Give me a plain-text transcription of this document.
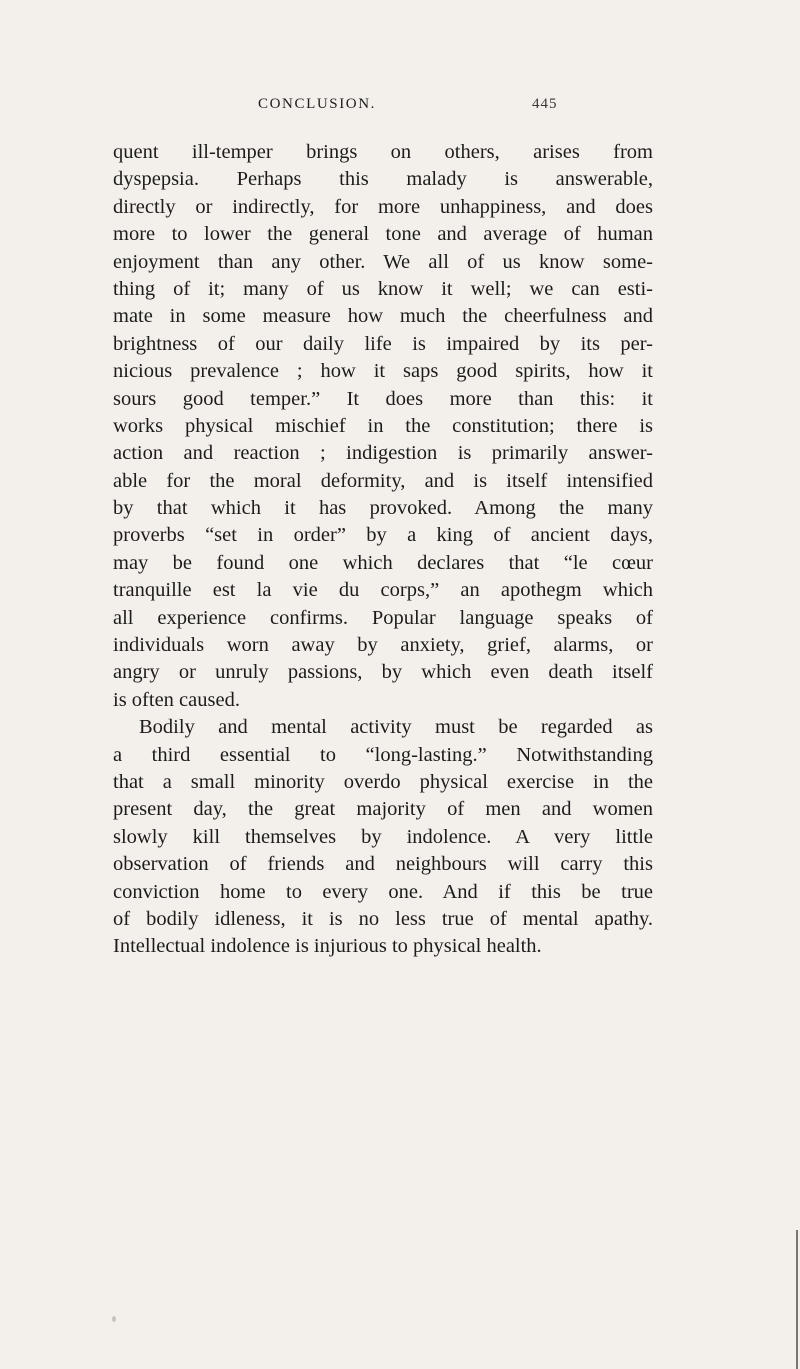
CONCLUSION.	445
quent ill-temper brings on others, arises from
dyspepsia. Perhaps this malady is answerable,
directly or indirectly, for more unhappiness, and does
more to lower the general tone and average of human
enjoyment than any other. We all of us know some-
thing of it; many of us know it well; we can esti-
mate in some measure how much the cheerfulness and
brightness of our daily life is impaired by its per-
nicious prevalence ; how it saps good spirits, how it
sours good temper.” It does more than this: it
works physical mischief in the constitution; there is
action and reaction ; indigestion is primarily answer-
able for the moral deformity, and is itself intensified
by that which it has provoked. Among the many
proverbs “set in order” by a king of ancient days,
may be found one which declares that “le cœur
tranquille est la vie du corps,” an apothegm which
all experience confirms. Popular language speaks of
individuals worn away by anxiety, grief, alarms, or
angry or unruly passions, by which even death itself
is often caused.
Bodily and mental activity must be regarded as
a third essential to “long-lasting.” Notwithstanding
that a small minority overdo physical exercise in the
present day, the great majority of men and women
slowly kill themselves by indolence. A very little
observation of friends and neighbours will carry this
conviction home to every one. And if this be true
of bodily idleness, it is no less true of mental apathy.
Intellectual indolence is injurious to physical health.
